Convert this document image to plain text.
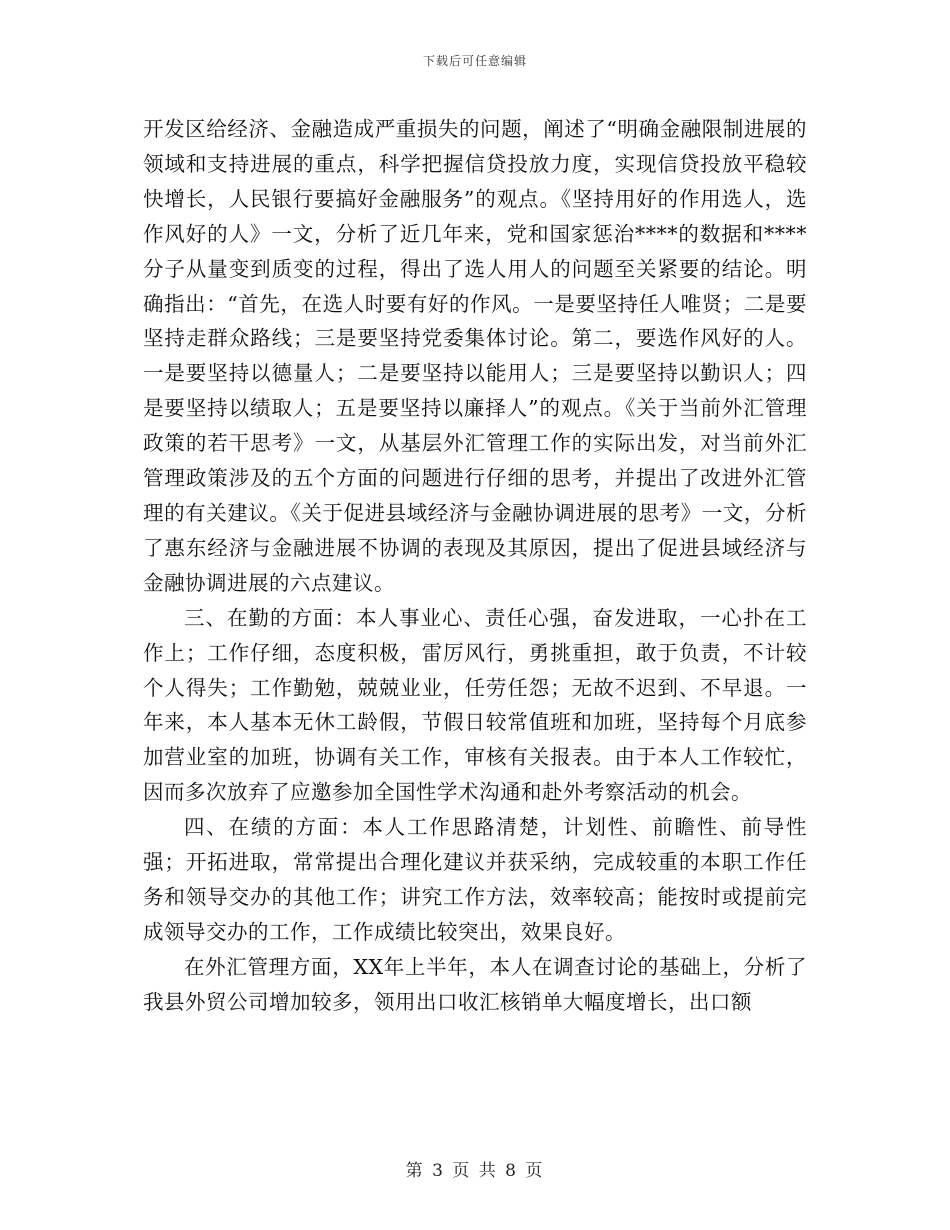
下载后可任意编辑

开发区给经济、金融造成严重损失的问题，阐述了“明确金融限制进展的领域和支持进展的重点，科学把握信贷投放力度，实现信贷投放平稳较快增长，人民银行要搞好金融服务”的观点。《坚持用好的作用选人，选作风好的人》一文，分析了近几年来，党和国家惩治****的数据和****分子从量变到质变的过程，得出了选人用人的问题至关紧要的结论。明确指出：“首先，在选人时要有好的作风。一是要坚持任人唯贤；二是要坚持走群众路线；三是要坚持党委集体讨论。第二，要选作风好的人。一是要坚持以德量人；二是要坚持以能用人；三是要坚持以勤识人；四是要坚持以绩取人；五是要坚持以廉择人”的观点。《关于当前外汇管理政策的若干思考》一文，从基层外汇管理工作的实际出发，对当前外汇管理政策涉及的五个方面的问题进行仔细的思考，并提出了改进外汇管理的有关建议。《关于促进县域经济与金融协调进展的思考》一文，分析了惠东经济与金融进展不协调的表现及其原因，提出了促进县域经济与金融协调进展的六点建议。

三、在勤的方面：本人事业心、责任心强，奋发进取，一心扑在工作上；工作仔细，态度积极，雷厉风行，勇挑重担，敢于负责，不计较个人得失；工作勤勉，兢兢业业，任劳任怨；无故不迟到、不早退。一年来，本人基本无休工龄假，节假日较常值班和加班，坚持每个月底参加营业室的加班，协调有关工作，审核有关报表。由于本人工作较忙，因而多次放弃了应邀参加全国性学术沟通和赴外考察活动的机会。

四、在绩的方面：本人工作思路清楚，计划性、前瞻性、前导性强；开拓进取，常常提出合理化建议并获采纳，完成较重的本职工作任务和领导交办的其他工作；讲究工作方法，效率较高；能按时或提前完成领导交办的工作，工作成绩比较突出，效果良好。

在外汇管理方面，XX年上半年，本人在调查讨论的基础上，分析了我县外贸公司增加较多，领用出口收汇核销单大幅度增长，出口额

第 3 页 共 8 页
